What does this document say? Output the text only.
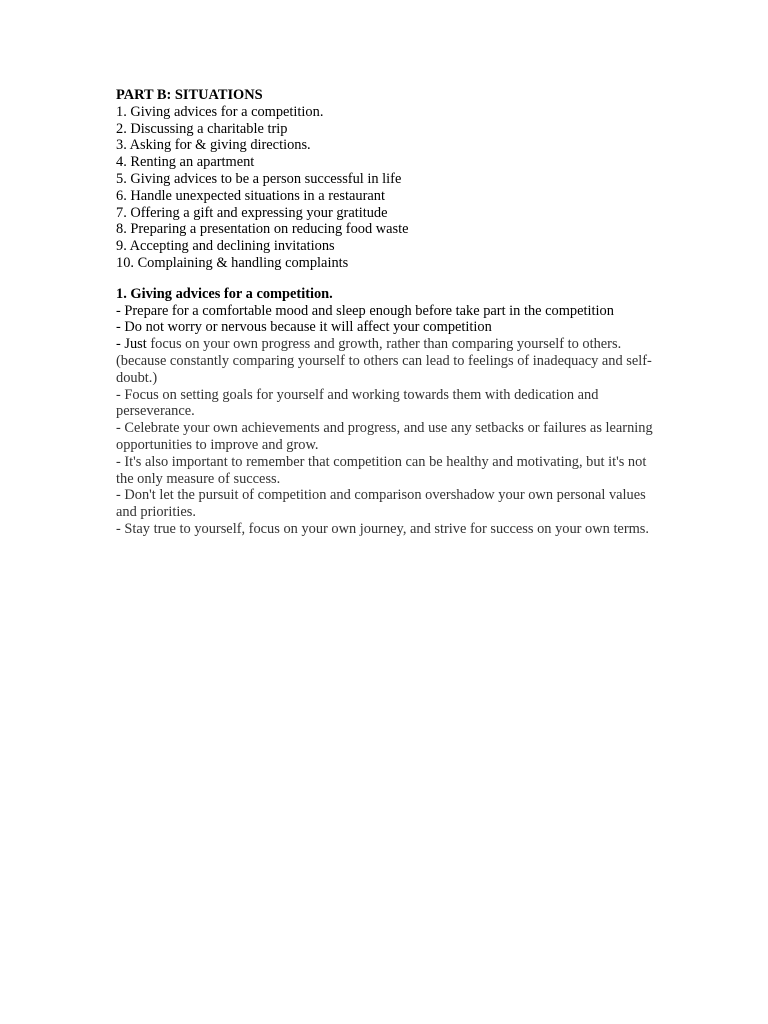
PART B: SITUATIONS

1. Giving advices for a competition.
2. Discussing a charitable trip
3. Asking for & giving directions.
4. Renting an apartment
5. Giving advices to be a person successful in life
6. Handle unexpected situations in a restaurant
7. Offering a gift and expressing your gratitude
8. Preparing a presentation on reducing food waste
9. Accepting and declining invitations
10. Complaining & handling complaints

1. Giving advices for a competition.

- Prepare for a comfortable mood and sleep enough before take part in the competition

- Do not worry or nervous because it will affect your competition

- Just focus on your own progress and growth, rather than comparing yourself to others. (because constantly comparing yourself to others can lead to feelings of inadequacy and self-doubt.)

- Focus on setting goals for yourself and working towards them with dedication and perseverance.

- Celebrate your own achievements and progress, and use any setbacks or failures as learning opportunities to improve and grow.

- It's also important to remember that competition can be healthy and motivating, but it's not the only measure of success.

- Don't let the pursuit of competition and comparison overshadow your own personal values and priorities.

- Stay true to yourself, focus on your own journey, and strive for success on your own terms.
